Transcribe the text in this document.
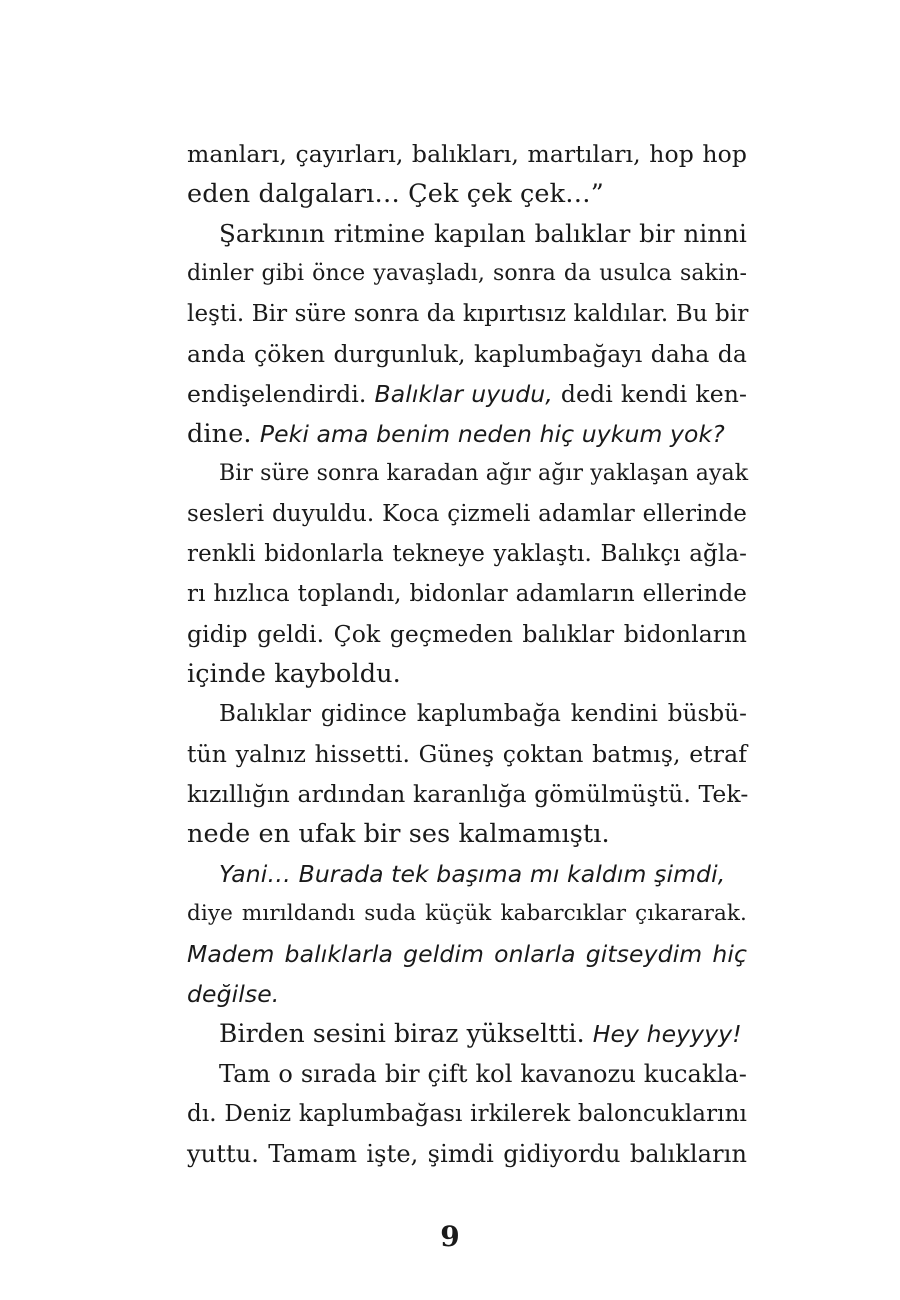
manları, çayırları, balıkları, martıları, hop hop
eden dalgaları… Çek çek çek…”
Şarkının ritmine kapılan balıklar bir ninni
dinler gibi önce yavaşladı, sonra da usulca sakin-
leşti. Bir süre sonra da kıpırtısız kaldılar. Bu bir
anda çöken durgunluk, kaplumbağayı daha da
endişelendirdi. Balıklar uyudu, dedi kendi ken-
dine. Peki ama benim neden hiç uykum yok?
Bir süre sonra karadan ağır ağır yaklaşan ayak
sesleri duyuldu. Koca çizmeli adamlar ellerinde
renkli bidonlarla tekneye yaklaştı. Balıkçı ağla-
rı hızlıca toplandı, bidonlar adamların ellerinde
gidip geldi. Çok geçmeden balıklar bidonların
içinde kayboldu.
Balıklar gidince kaplumbağa kendini büsbü-
tün yalnız hissetti. Güneş çoktan batmış, etraf
kızıllığın ardından karanlığa gömülmüştü. Tek-
nede en ufak bir ses kalmamıştı.
Yani… Burada tek başıma mı kaldım şimdi,
diye mırıldandı suda küçük kabarcıklar çıkararak.
Madem balıklarla geldim onlarla gitseydim hiç
değilse.
Birden sesini biraz yükseltti. Hey heyyyy!
Tam o sırada bir çift kol kavanozu kucakla-
dı. Deniz kaplumbağası irkilerek baloncuklarını
yuttu. Tamam işte, şimdi gidiyordu balıkların
9
